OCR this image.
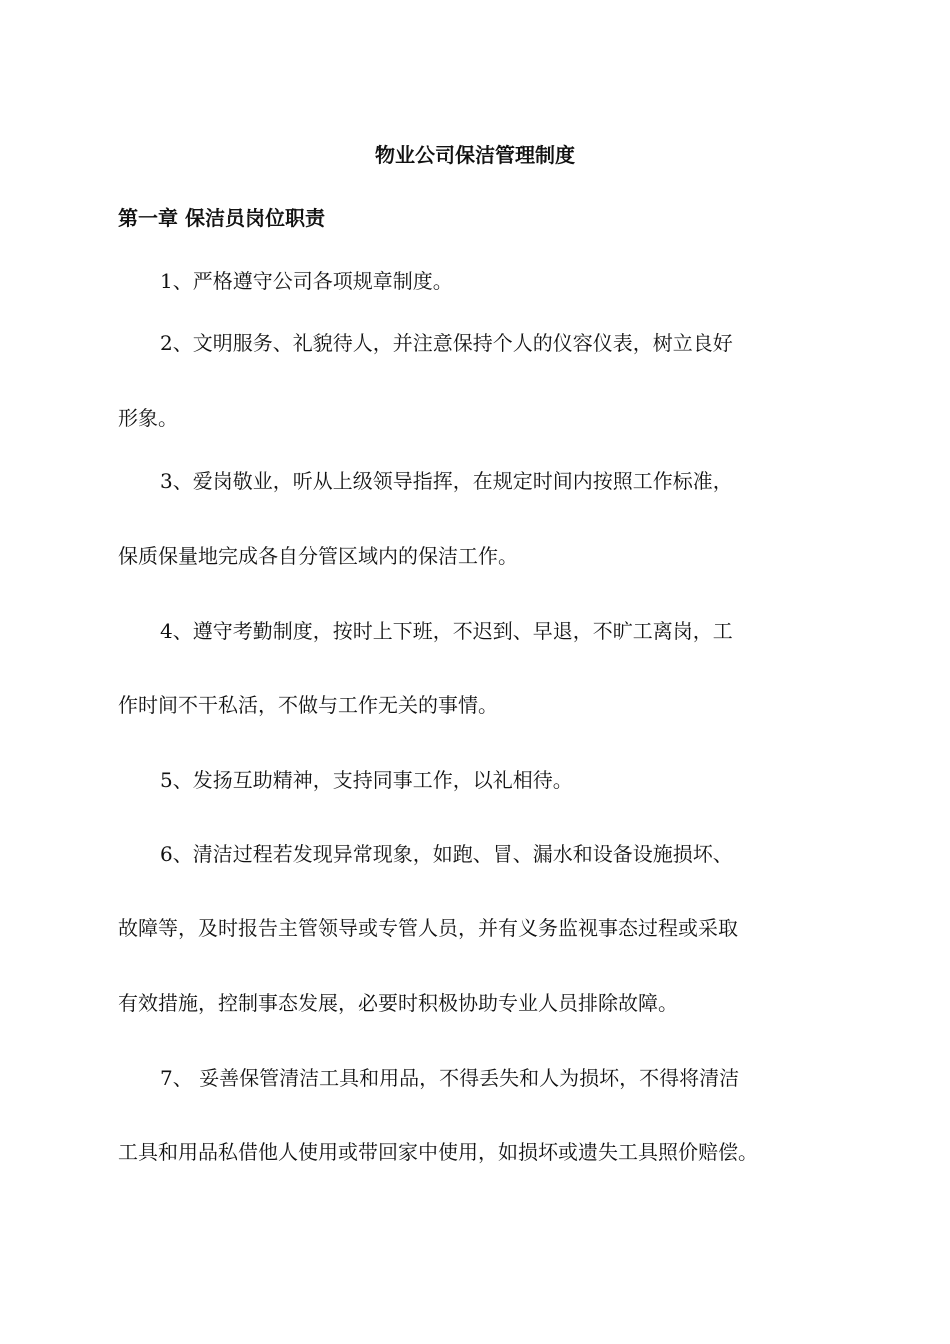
物业公司保洁管理制度
第一章 保洁员岗位职责
1、严格遵守公司各项规章制度。
2、文明服务、礼貌待人，并注意保持个人的仪容仪表，树立良好
形象。
3、爱岗敬业，听从上级领导指挥，在规定时间内按照工作标准，
保质保量地完成各自分管区域内的保洁工作。
4、遵守考勤制度，按时上下班，不迟到、早退，不旷工离岗，工
作时间不干私活，不做与工作无关的事情。
5、发扬互助精神，支持同事工作，以礼相待。
6、清洁过程若发现异常现象，如跑、冒、漏水和设备设施损坏、
故障等，及时报告主管领导或专管人员，并有义务监视事态过程或采取
有效措施，控制事态发展，必要时积极协助专业人员排除故障。
7、 妥善保管清洁工具和用品，不得丢失和人为损坏，不得将清洁
工具和用品私借他人使用或带回家中使用，如损坏或遗失工具照价赔偿。
